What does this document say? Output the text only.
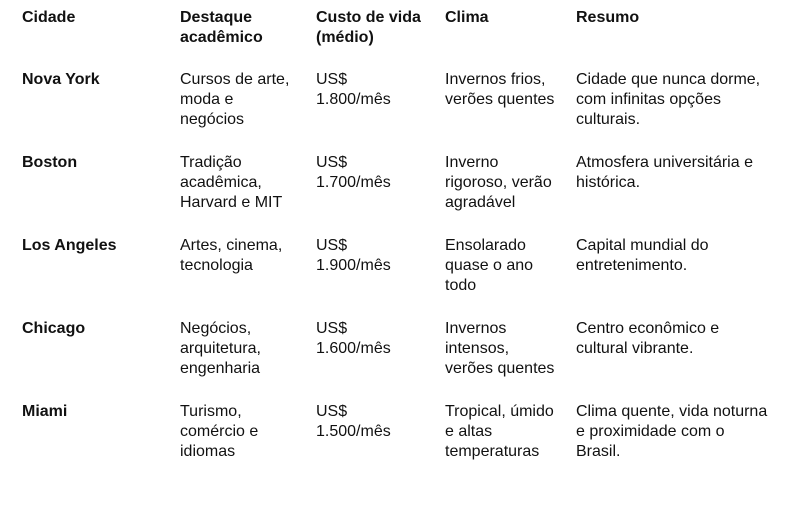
Cidade	Destaque acadêmico	Custo de vida (médio)	Clima	Resumo
Nova York	Cursos de arte, moda e negócios	US$ 1.800/mês	Invernos frios, verões quentes	Cidade que nunca dorme, com infinitas opções culturais.
Boston	Tradição acadêmica, Harvard e MIT	US$ 1.700/mês	Inverno rigoroso, verão agradável	Atmosfera universitária e histórica.
Los Angeles	Artes, cinema, tecnologia	US$ 1.900/mês	Ensolarado quase o ano todo	Capital mundial do entretenimento.
Chicago	Negócios, arquitetura, engenharia	US$ 1.600/mês	Invernos intensos, verões quentes	Centro econômico e cultural vibrante.
Miami	Turismo, comércio e idiomas	US$ 1.500/mês	Tropical, úmido e altas temperaturas	Clima quente, vida noturna e proximidade com o Brasil.
